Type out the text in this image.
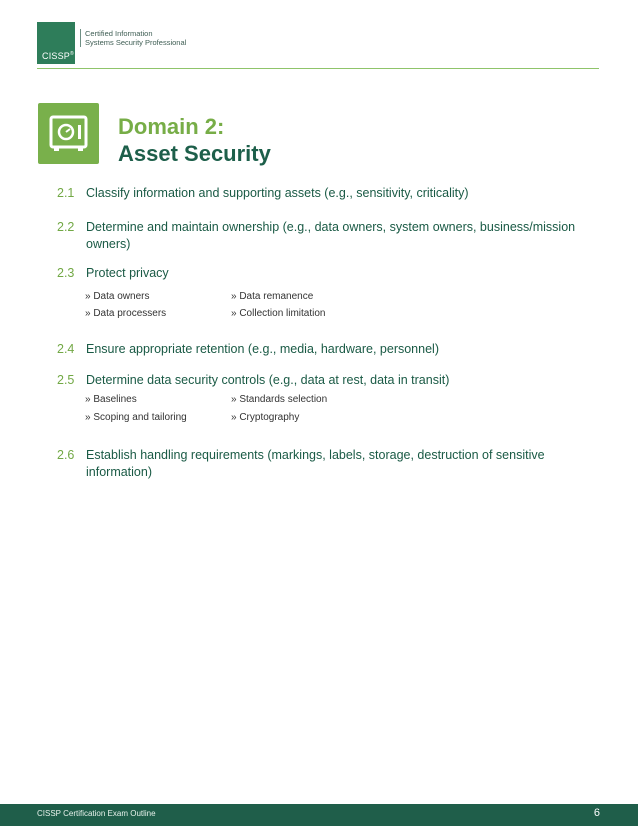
CISSP®
Certified Information
Systems Security Professional
Domain 2:
Asset Security
2.1 Classify information and supporting assets (e.g., sensitivity, criticality)
2.2 Determine and maintain ownership (e.g., data owners, system owners, business/mission owners)
2.3 Protect privacy
» Data owners	» Data remanence
» Data processers	» Collection limitation
2.4 Ensure appropriate retention (e.g., media, hardware, personnel)
2.5 Determine data security controls (e.g., data at rest, data in transit)
» Baselines	» Standards selection
» Scoping and tailoring	» Cryptography
2.6 Establish handling requirements (markings, labels, storage, destruction of sensitive information)
CISSP Certification Exam Outline	6
